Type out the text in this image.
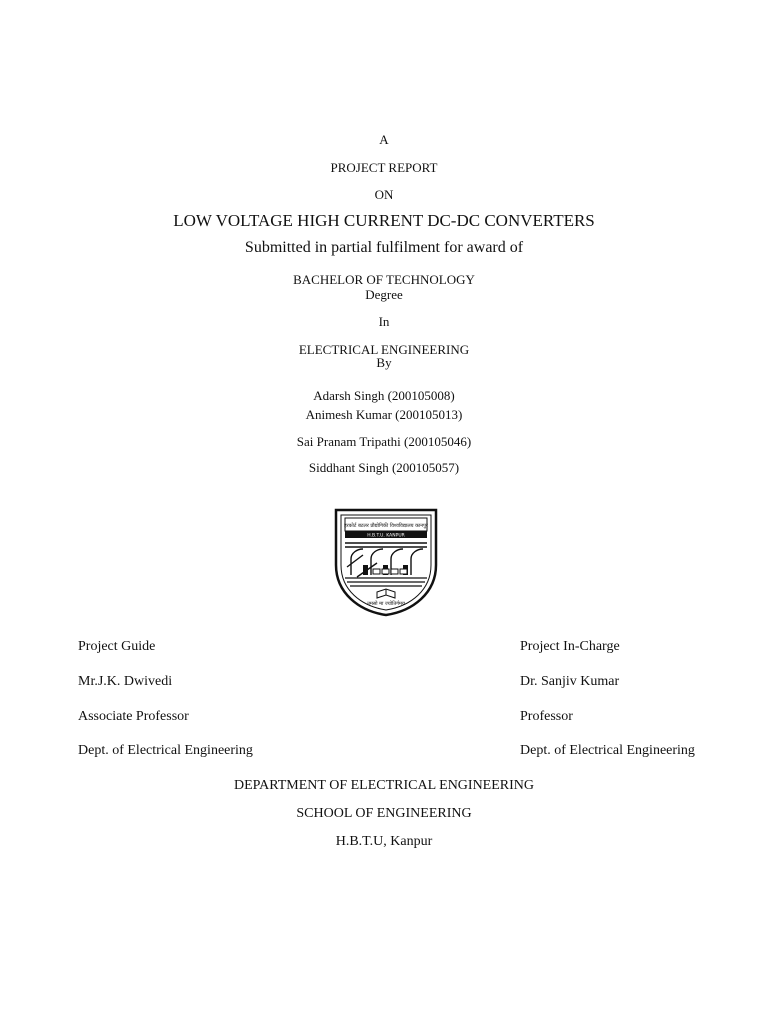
A
PROJECT REPORT
ON
LOW VOLTAGE HIGH CURRENT DC-DC CONVERTERS
Submitted in partial fulfilment for award of
BACHELOR OF TECHNOLOGY
Degree
In
ELECTRICAL ENGINEERING
By
Adarsh Singh (200105008)
Animesh Kumar (200105013)
Sai Pranam Tripathi (200105046)
Siddhant Singh (200105057)
हरकोर्ट बटलर प्रौद्योगिकी विश्वविद्यालय कानपुर
H.B.T.U. KANPUR
तमसो मा ज्योतिर्गमय
Project Guide
Mr.J.K. Dwivedi
Associate Professor
Dept. of Electrical Engineering
Project In-Charge
Dr. Sanjiv Kumar
Professor
Dept. of Electrical Engineering
DEPARTMENT OF ELECTRICAL ENGINEERING
SCHOOL OF ENGINEERING
H.B.T.U, Kanpur
